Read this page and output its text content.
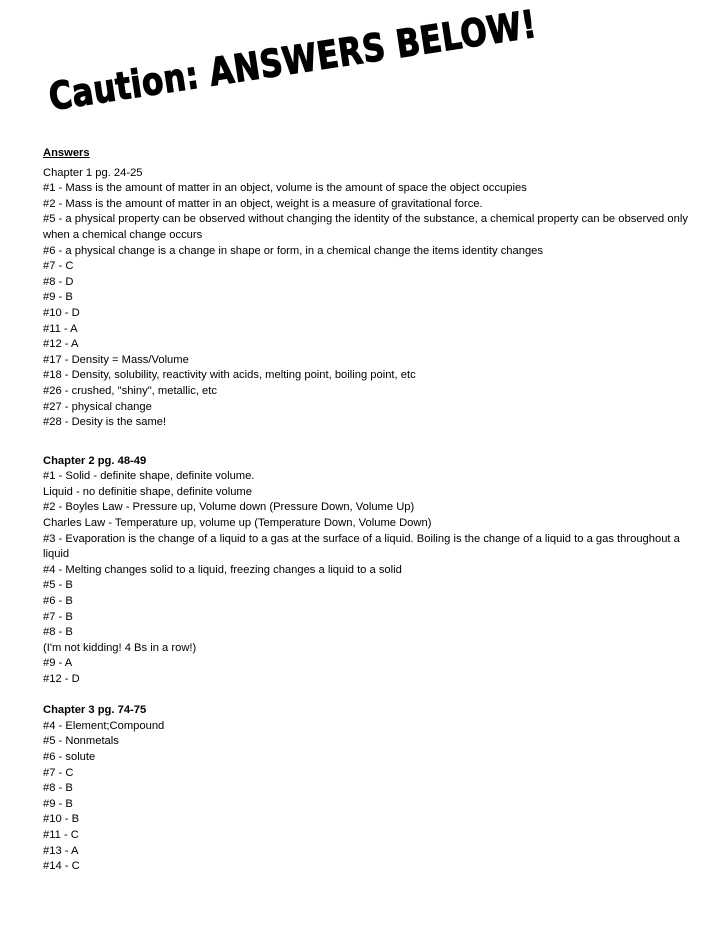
Caution: ANSWERS BELOW!
Answers
Chapter 1 pg. 24-25
#1 - Mass is the amount of matter in an object, volume is the amount of space the object occupies
#2 - Mass is the amount of matter in an object, weight is a measure of gravitational force.
#5 - a physical property can be observed without changing the identity of the substance, a chemical property can be observed only when a chemical change occurs
#6 - a physical change is a change in shape or form, in a chemical change the items identity changes
#7 - C
#8 - D
#9 - B
#10 - D
#11 - A
#12 - A
#17 - Density = Mass/Volume
#18 - Density, solubility, reactivity with acids, melting point, boiling point, etc
#26 - crushed, "shiny", metallic, etc
#27 - physical change
#28 - Desity is the same!
Chapter 2 pg. 48-49
#1 - Solid - definite shape, definite volume.
Liquid - no definitie shape, definite volume
#2 - Boyles Law - Pressure up, Volume down (Pressure Down, Volume Up)
Charles Law - Temperature up, volume up (Temperature Down, Volume Down)
#3 - Evaporation is the change of a liquid to a gas at the surface of a liquid. Boiling is the change of a liquid to a gas throughout a liquid
#4 - Melting changes solid to a liquid, freezing changes a liquid to a solid
#5 - B
#6 - B
#7 - B
#8 - B
(I'm not kidding! 4 Bs in a row!)
#9 - A
#12 - D
Chapter 3 pg. 74-75
#4 - Element;Compound
#5 - Nonmetals
#6 - solute
#7 - C
#8 - B
#9 - B
#10 - B
#11 - C
#13 - A
#14 - C
